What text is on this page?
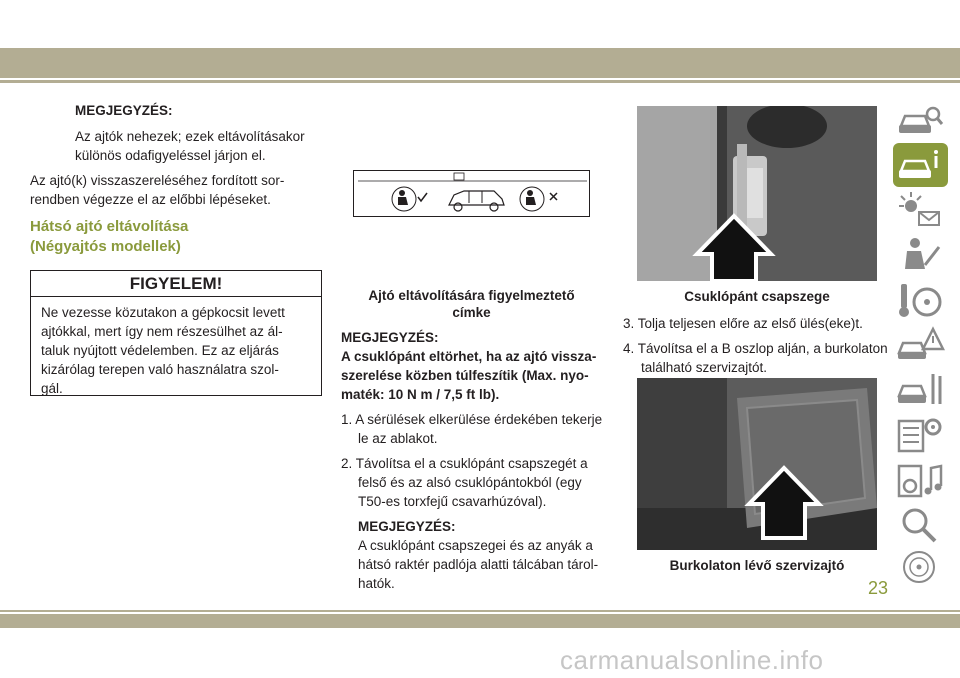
MEGJEGYZÉS:
Az ajtók nehezek; ezek eltávolításakor
különös odafigyeléssel járjon el.
Az ajtó(k) visszaszereléséhez fordított sor-
rendben végezze el az előbbi lépéseket.
Hátsó ajtó eltávolítása
(Négyajtós modellek)
FIGYELEM!
Ne vezesse közutakon a gépkocsit levett
ajtókkal, mert így nem részesülhet az ál-
taluk nyújtott védelemben. Ez az eljárás
kizárólag terepen való használatra szol-
gál.
Ajtó eltávolítására figyelmeztető
címke
MEGJEGYZÉS:
A csuklópánt eltörhet, ha az ajtó vissza-
szerelése közben túlfeszítik (Max. nyo-
maték: 10 N m / 7,5 ft lb).
1. A sérülések elkerülése érdekében tekerje
le az ablakot.
2. Távolítsa el a csuklópánt csapszegét a
felső és az alsó csuklópántokból (egy
T50-es torxfejű csavarhúzóval).
MEGJEGYZÉS:
A csuklópánt csapszegei és az anyák a
hátsó raktér padlója alatti tálcában tárol-
hatók.
Csuklópánt csapszege
3. Tolja teljesen előre az első ülés(eke)t.
4. Távolítsa el a B oszlop alján, a burkolaton
található szervizajtót.
Burkolaton lévő szervizajtó
23
carmanualsonline.info
